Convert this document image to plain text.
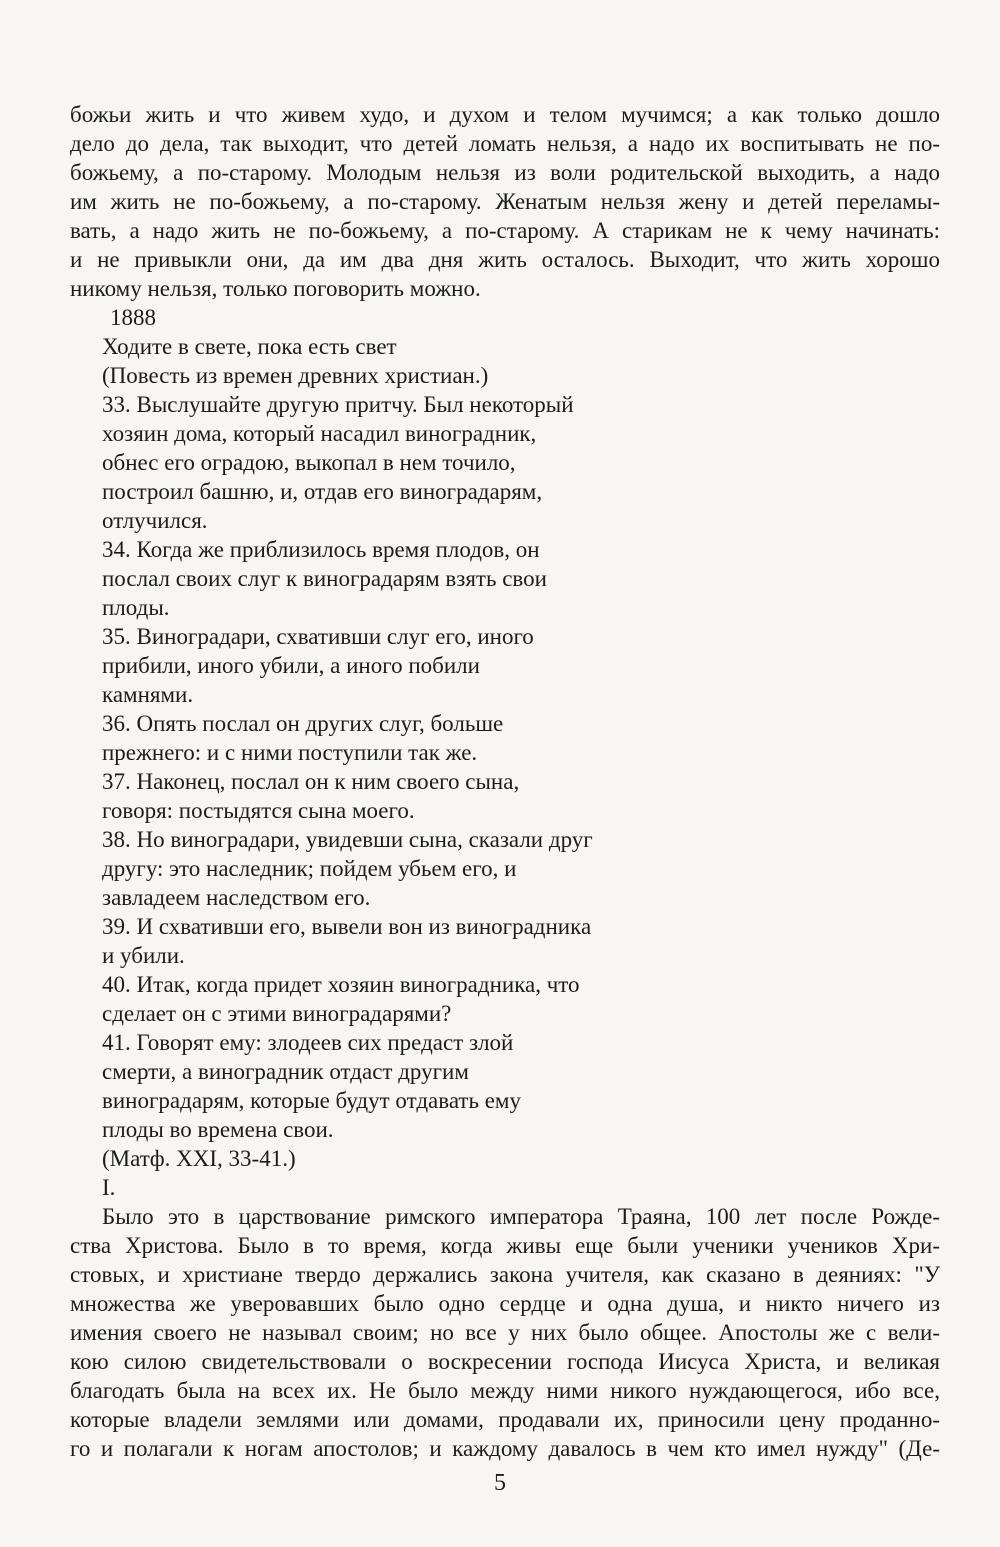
божьи жить и что живем худо, и духом и телом мучимся; а как только дошло

дело до дела, так выходит, что детей ломать нельзя, а надо их воспитывать не по-

божьему, а по-старому. Молодым нельзя из воли родительской выходить, а надо

им жить не по-божьему, а по-старому. Женатым нельзя жену и детей переламы-

вать, а надо жить не по-божьему, а по-старому. А старикам не к чему начинать:

и не привыкли они, да им два дня жить осталось. Выходит, что жить хорошо

никому нельзя, только поговорить можно.

1888

Ходите в свете, пока есть свет

(Повесть из времен древних христиан.)

33. Выслушайте другую притчу. Был некоторый

хозяин дома, который насадил виноградник,

обнес его оградою, выкопал в нем точило,

построил башню, и, отдав его виноградарям,

отлучился.

34. Когда же приблизилось время плодов, он

послал своих слуг к виноградарям взять свои

плоды.

35. Виноградари, схвативши слуг его, иного

прибили, иного убили, а иного побили

камнями.

36. Опять послал он других слуг, больше

прежнего: и с ними поступили так же.

37. Наконец, послал он к ним своего сына,

говоря: постыдятся сына моего.

38. Но виноградари, увидевши сына, сказали друг

другу: это наследник; пойдем убьем его, и

завладеем наследством его.

39. И схвативши его, вывели вон из виноградника

и убили.

40. Итак, когда придет хозяин виноградника, что

сделает он с этими виноградарями?

41. Говорят ему: злодеев сих предаст злой

смерти, а виноградник отдаст другим

виноградарям, которые будут отдавать ему

плоды во времена свои.

(Матф. XXI, 33-41.)

I.

Было это в царствование римского императора Траяна, 100 лет после Рожде-

ства Христова. Было в то время, когда живы еще были ученики учеников Хри-

стовых, и христиане твердо держались закона учителя, как сказано в деяниях: "У

множества же уверовавших было одно сердце и одна душа, и никто ничего из

имения своего не называл своим; но все у них было общее. Апостолы же с вели-

кою силою свидетельствовали о воскресении господа Иисуса Христа, и великая

благодать была на всех их. Не было между ними никого нуждающегося, ибо все,

которые владели землями или домами, продавали их, приносили цену проданно-

го и полагали к ногам апостолов; и каждому давалось в чем кто имел нужду" (Де-

5
